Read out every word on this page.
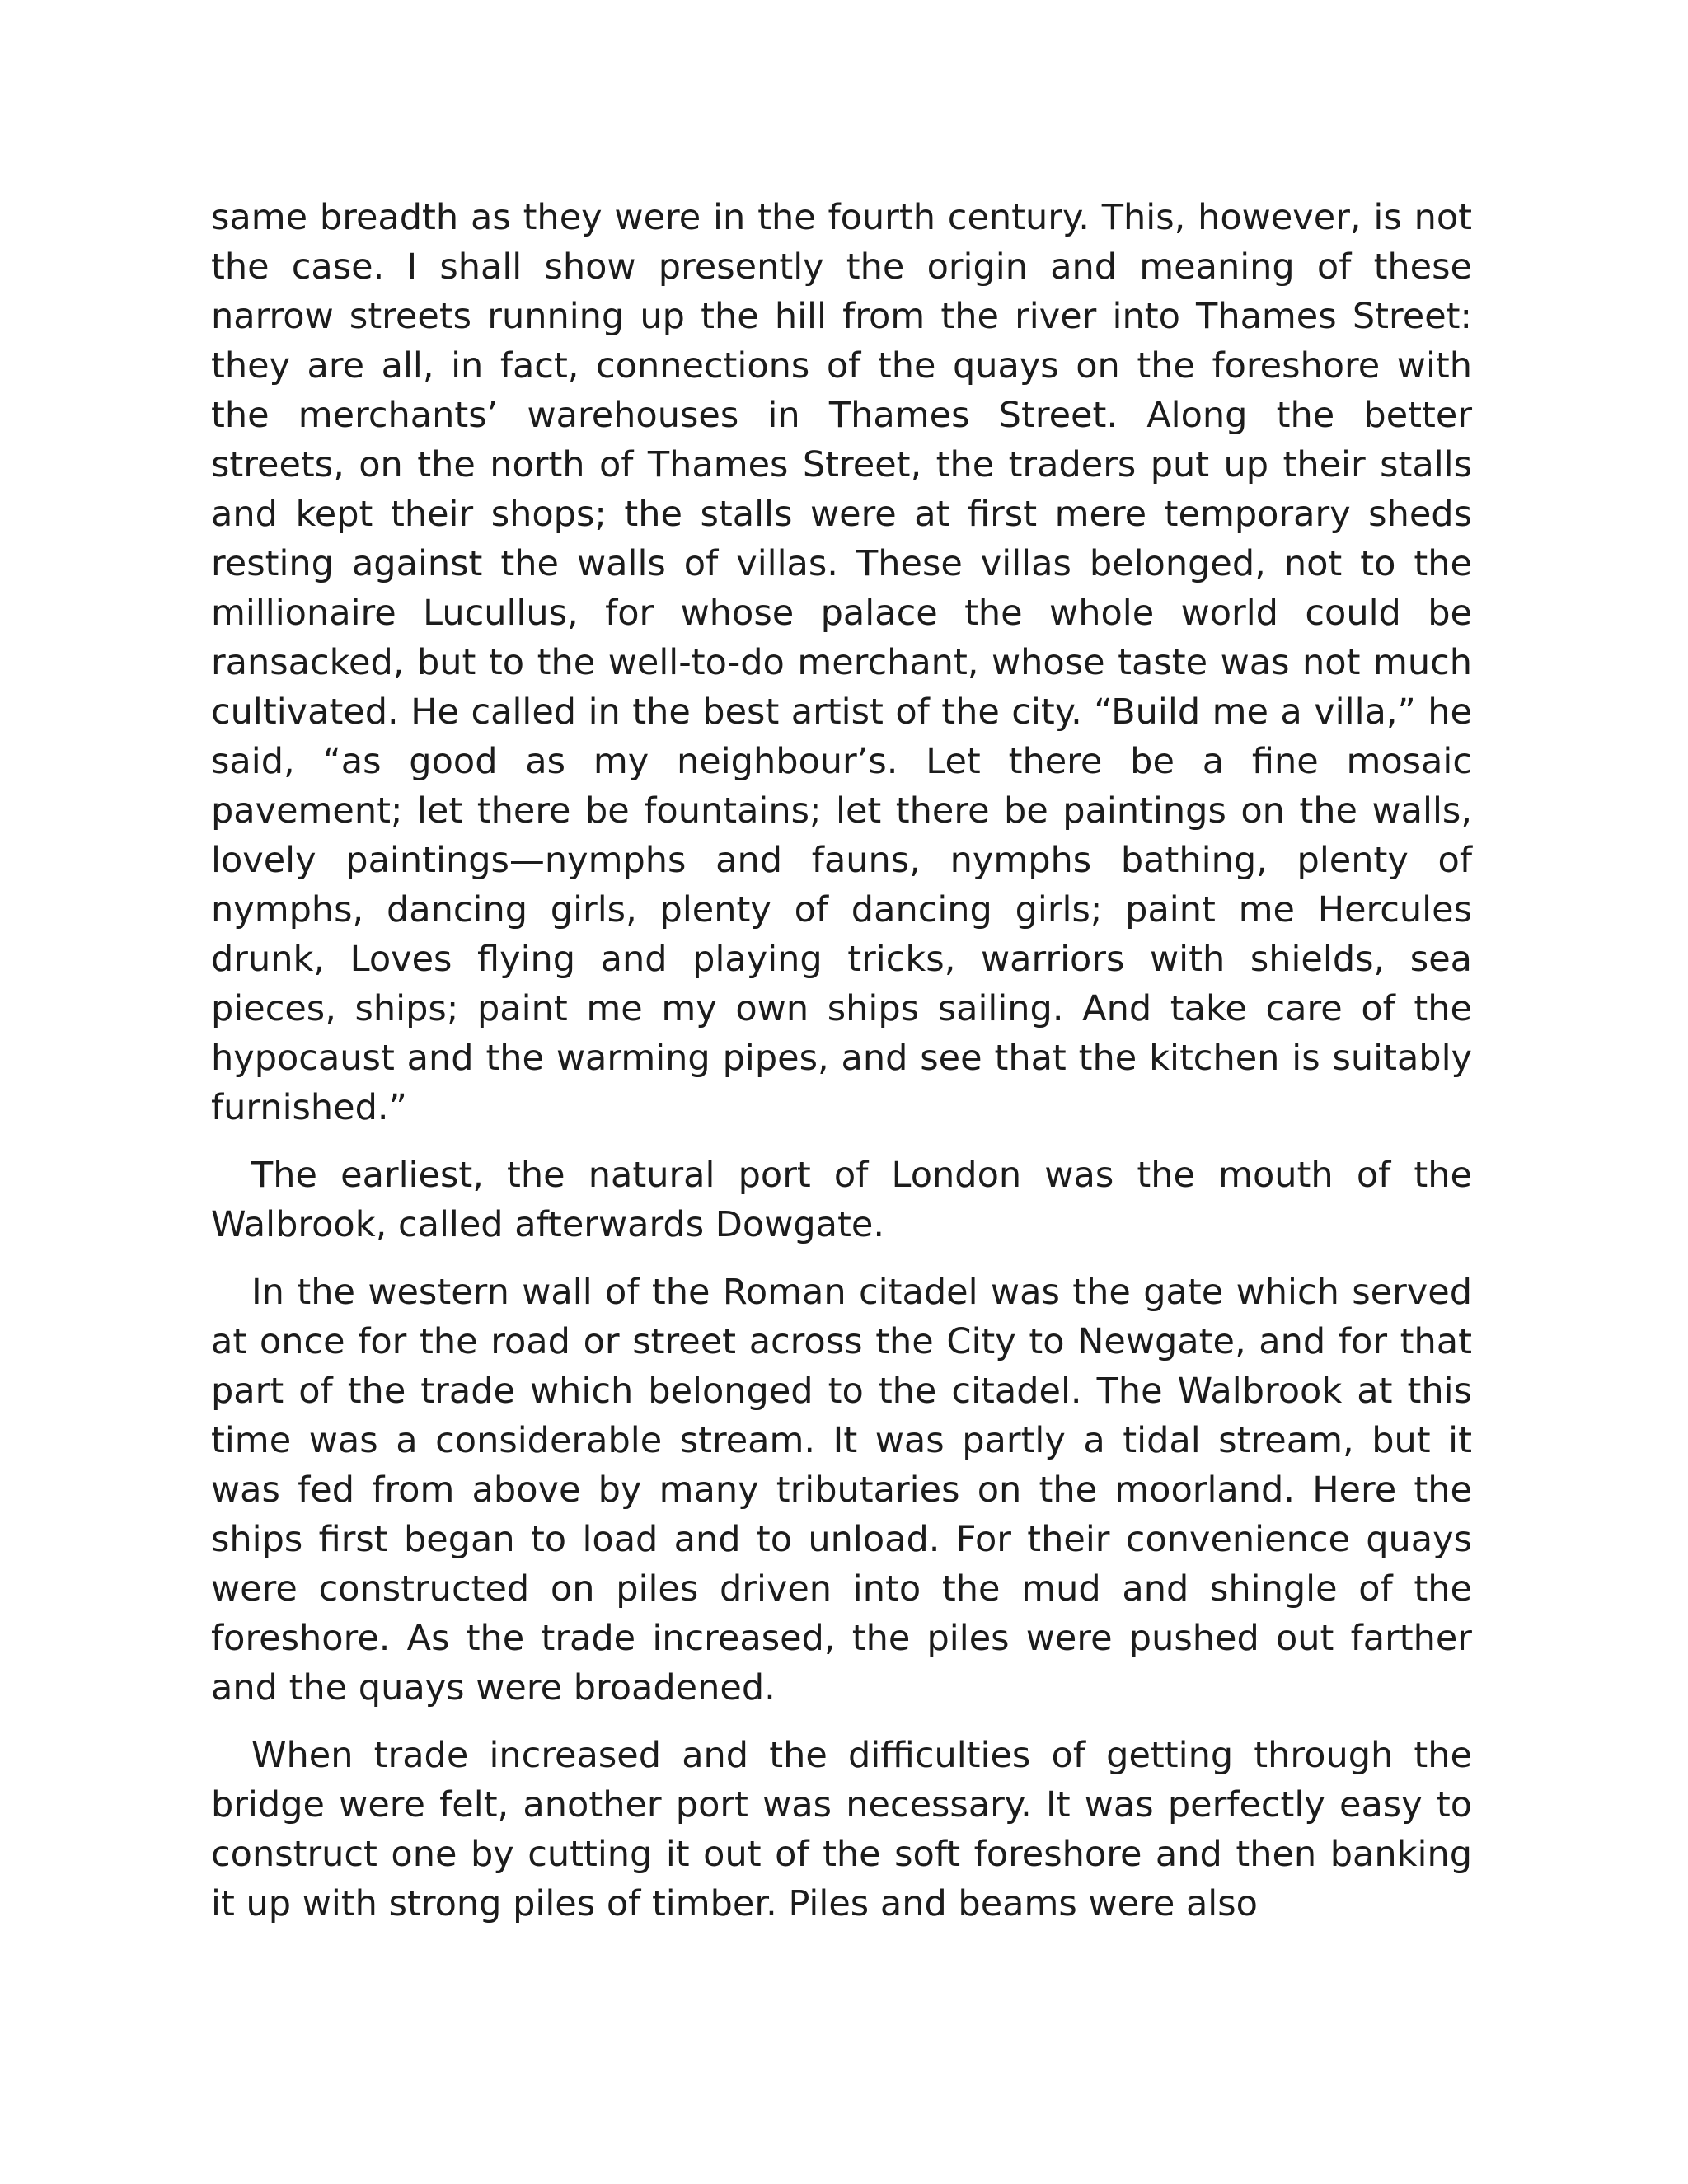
same breadth as they were in the fourth century. This, however, is not the case. I shall show presently the origin and meaning of these narrow streets running up the hill from the river into Thames Street: they are all, in fact, connections of the quays on the foreshore with the merchants’ warehouses in Thames Street. Along the better streets, on the north of Thames Street, the traders put up their stalls and kept their shops; the stalls were at first mere temporary sheds resting against the walls of villas. These villas belonged, not to the millionaire Lucullus, for whose palace the whole world could be ransacked, but to the well-to-do merchant, whose taste was not much cultivated. He called in the best artist of the city. “Build me a villa,” he said, “as good as my neighbour’s. Let there be a fine mosaic pavement; let there be fountains; let there be paintings on the walls, lovely paintings—nymphs and fauns, nymphs bathing, plenty of nymphs, dancing girls, plenty of dancing girls; paint me Hercules drunk, Loves flying and playing tricks, warriors with shields, sea pieces, ships; paint me my own ships sailing. And take care of the hypocaust and the warming pipes, and see that the kitchen is suitably furnished.”

The earliest, the natural port of London was the mouth of the Walbrook, called afterwards Dowgate.

In the western wall of the Roman citadel was the gate which served at once for the road or street across the City to Newgate, and for that part of the trade which belonged to the citadel. The Walbrook at this time was a considerable stream. It was partly a tidal stream, but it was fed from above by many tributaries on the moorland. Here the ships first began to load and to unload. For their convenience quays were constructed on piles driven into the mud and shingle of the foreshore. As the trade increased, the piles were pushed out farther and the quays were broadened.

When trade increased and the difficulties of getting through the bridge were felt, another port was necessary. It was perfectly easy to construct one by cutting it out of the soft foreshore and then banking it up with strong piles of timber. Piles and beams were also
